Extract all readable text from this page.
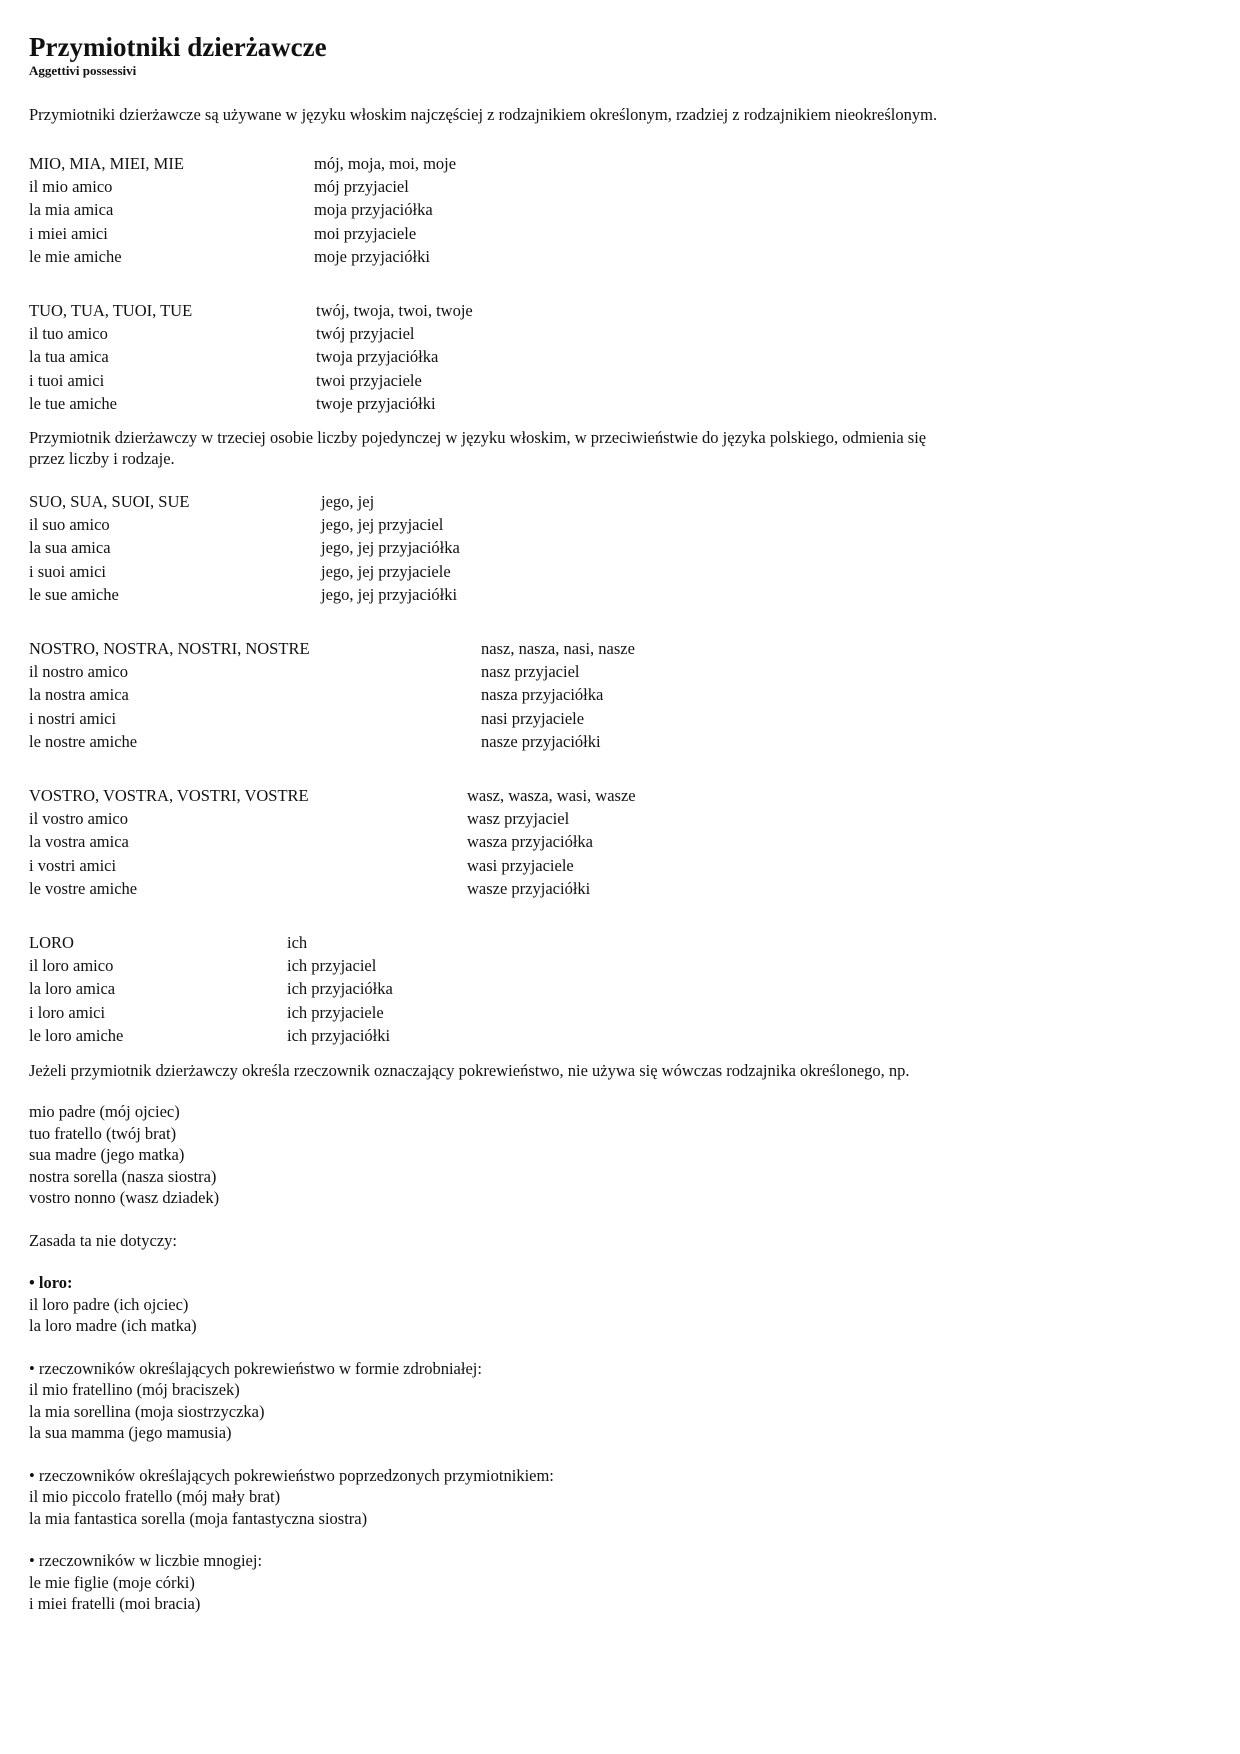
Przymiotniki dzierżawcze
Aggettivi possessivi

Przymiotniki dzierżawcze są używane w języku włoskim najczęściej z rodzajnikiem określonym, rzadziej z rodzajnikiem nieokreślonym.

MIO, MIA, MIEI, MIE	mój, moja, moi, moje
il mio amico	mój przyjaciel
la mia amica	moja przyjaciółka
i miei amici	moi przyjaciele
le mie amiche	moje przyjaciółki
TUO, TUA, TUOI, TUE	twój, twoja, twoi, twoje
il tuo amico	twój przyjaciel
la tua amica	twoja przyjaciółka
i tuoi amici	twoi przyjaciele
le tue amiche	twoje przyjaciółki

Przymiotnik dzierżawczy w trzeciej osobie liczby pojedynczej w języku włoskim, w przeciwieństwie do języka polskiego, odmienia się

przez liczby i rodzaje.

SUO, SUA, SUOI, SUE	jego, jej
il suo amico	jego, jej przyjaciel
la sua amica	jego, jej przyjaciółka
i suoi amici	jego, jej przyjaciele
le sue amiche	jego, jej przyjaciółki
NOSTRO, NOSTRA, NOSTRI, NOSTRE	nasz, nasza, nasi, nasze
il nostro amico	nasz przyjaciel
la nostra amica	nasza przyjaciółka
i nostri amici	nasi przyjaciele
le nostre amiche	nasze przyjaciółki
VOSTRO, VOSTRA, VOSTRI, VOSTRE	wasz, wasza, wasi, wasze
il vostro amico	wasz przyjaciel
la vostra amica	wasza przyjaciółka
i vostri amici	wasi przyjaciele
le vostre amiche	wasze przyjaciółki
LORO	ich
il loro amico	ich przyjaciel
la loro amica	ich przyjaciółka
i loro amici	ich przyjaciele
le loro amiche	ich przyjaciółki

Jeżeli przymiotnik dzierżawczy określa rzeczownik oznaczający pokrewieństwo, nie używa się wówczas rodzajnika określonego, np.

mio padre (mój ojciec)

tuo fratello (twój brat)

sua madre (jego matka)

nostra sorella (nasza siostra)

vostro nonno (wasz dziadek)

Zasada ta nie dotyczy:

• loro:

il loro padre (ich ojciec)

la loro madre (ich matka)

• rzeczowników określających pokrewieństwo w formie zdrobniałej:

il mio fratellino (mój braciszek)

la mia sorellina (moja siostrzyczka)

la sua mamma (jego mamusia)

• rzeczowników określających pokrewieństwo poprzedzonych przymiotnikiem:

il mio piccolo fratello (mój mały brat)

la mia fantastica sorella (moja fantastyczna siostra)

• rzeczowników w liczbie mnogiej:

le mie figlie (moje córki)

i miei fratelli (moi bracia)
